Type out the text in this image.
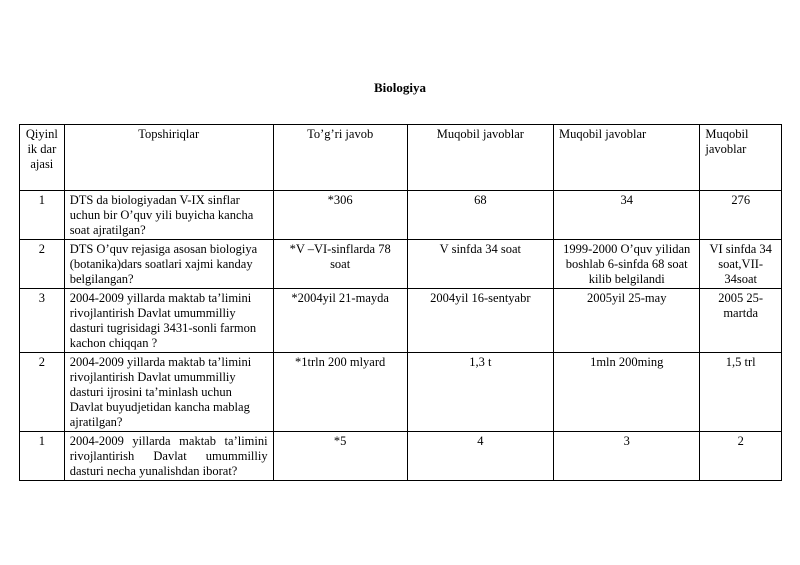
Biologiya
Qiyinlik darajasi	Topshiriqlar	To’g’ri javob	Muqobil javoblar	Muqobil javoblar	Muqobil javoblar
1	DTS da biologiyadan V-IX sinflar uchun bir O’quv yili buyicha kancha soat ajratilgan?	*306	68	34	276
2	DTS O’quv rejasiga asosan biologiya (botanika)dars soatlari xajmi kanday belgilangan?	*V –VI-sinflarda 78 soat	V sinfda 34 soat	1999-2000 O’quv yilidan boshlab 6-sinfda 68 soat kilib belgilandi	VI sinfda 34 soat,VII-34soat
3	2004-2009 yillarda maktab ta’limini rivojlantirish Davlat umummilliy dasturi tugrisidagi 3431-sonli farmon kachon chiqqan ?	*2004yil 21-mayda	2004yil 16-sentyabr	2005yil 25-may	2005 25-martda
2	2004-2009 yillarda maktab ta’limini rivojlantirish Davlat umummilliy dasturi ijrosini ta’minlash uchun Davlat buyudjetidan kancha mablag ajratilgan?	*1trln 200 mlyard	1,3 t	1mln 200ming	1,5 trl
1	2004-2009 yillarda maktab ta’limini rivojlantirish Davlat umummilliy dasturi necha yunalishdan iborat?	*5	4	3	2
